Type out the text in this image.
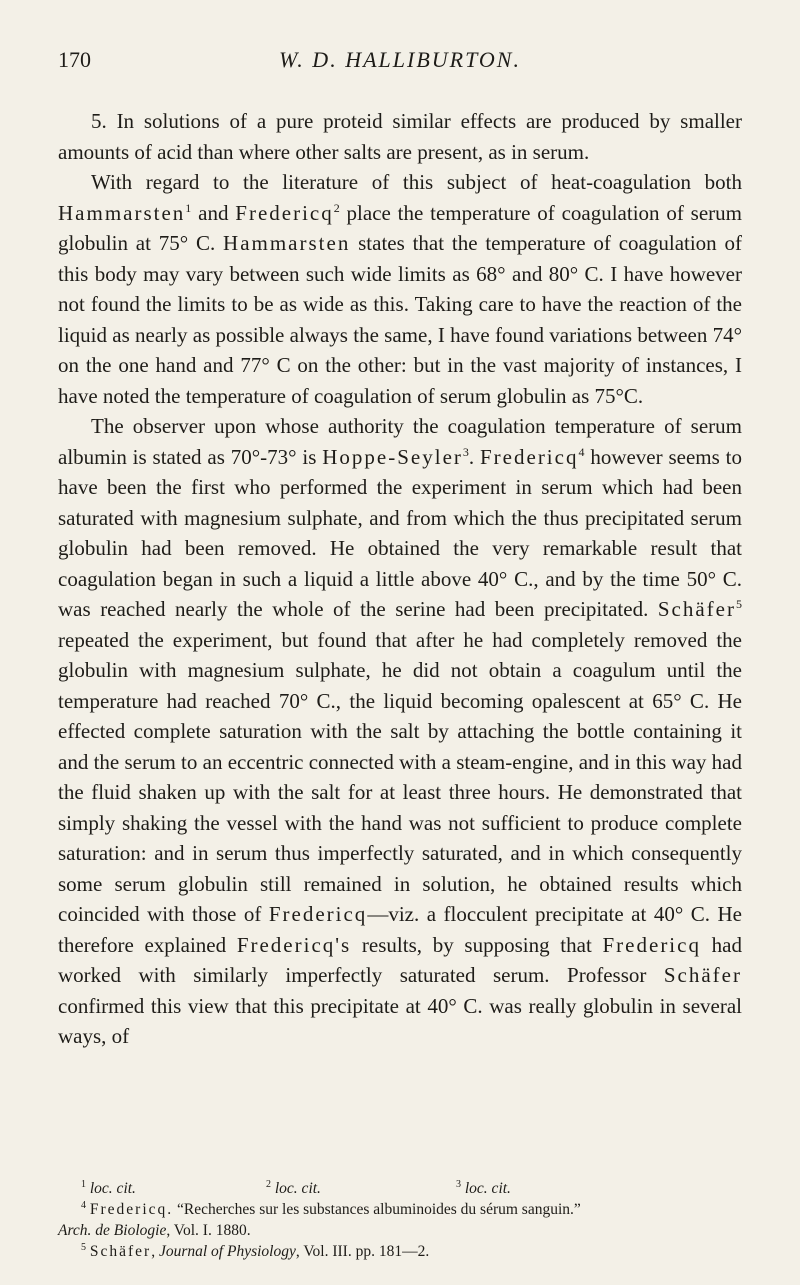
170	W. D. HALLIBURTON.

5. In solutions of a pure proteid similar effects are produced by smaller amounts of acid than where other salts are present, as in serum.

With regard to the literature of this subject of heat-coagulation both Hammarsten$^1$ and Fredericq$^2$ place the temperature of coagulation of serum globulin at 75° C. Hammarsten states that the temperature of coagulation of this body may vary between such wide limits as 68° and 80° C. I have however not found the limits to be as wide as this. Taking care to have the reaction of the liquid as nearly as possible always the same, I have found variations between 74° on the one hand and 77° C on the other: but in the vast majority of instances, I have noted the temperature of coagulation of serum globulin as 75°C.

The observer upon whose authority the coagulation temperature of serum albumin is stated as 70°-73° is Hoppe-Seyler$^3$. Fredericq$^4$ however seems to have been the first who performed the experiment in serum which had been saturated with magnesium sulphate, and from which the thus precipitated serum globulin had been removed. He obtained the very remarkable result that coagulation began in such a liquid a little above 40° C., and by the time 50° C. was reached nearly the whole of the serine had been precipitated. Schäfer$^5$ repeated the experiment, but found that after he had completely removed the globulin with magnesium sulphate, he did not obtain a coagulum until the temperature had reached 70° C., the liquid becoming opalescent at 65° C. He effected complete saturation with the salt by attaching the bottle containing it and the serum to an eccentric connected with a steam-engine, and in this way had the fluid shaken up with the salt for at least three hours. He demonstrated that simply shaking the vessel with the hand was not sufficient to produce complete saturation: and in serum thus imperfectly saturated, and in which consequently some serum globulin still remained in solution, he obtained results which coincided with those of Fredericq—viz. a flocculent precipitate at 40° C. He therefore explained Fredericq's results, by supposing that Fredericq had worked with similarly imperfectly saturated serum. Professor Schäfer confirmed this view that this precipitate at 40° C. was really globulin in several ways, of

$^1$ loc. cit.	$^2$ loc. cit.	$^3$ loc. cit.

$^4$ Fredericq. “Recherches sur les substances albuminoides du sérum sanguin.”

Arch. de Biologie, Vol. I. 1880.

$^5$ Schäfer, Journal of Physiology, Vol. III. pp. 181—2.
